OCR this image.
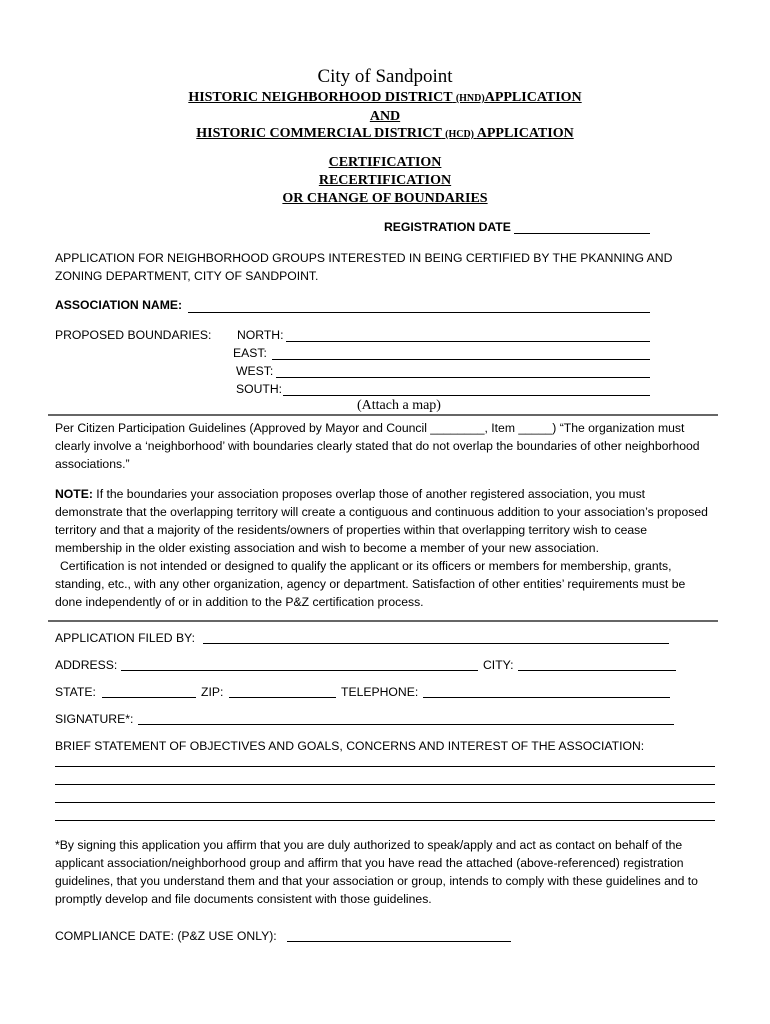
City of Sandpoint
HISTORIC NEIGHBORHOOD DISTRICT (HND)APPLICATION
AND
HISTORIC COMMERCIAL DISTRICT (HCD) APPLICATION
CERTIFICATION
RECERTIFICATION
OR CHANGE OF BOUNDARIES
REGISTRATION DATE
APPLICATION FOR NEIGHBORHOOD GROUPS INTERESTED IN BEING CERTIFIED BY THE PKANNING AND ZONING DEPARTMENT, CITY OF SANDPOINT.
ASSOCIATION NAME:
PROPOSED BOUNDARIES: NORTH:
EAST:
WEST:
SOUTH:
(Attach a map)
Per Citizen Participation Guidelines (Approved by Mayor and Council ________, Item _____) “The organization must clearly involve a ‘neighborhood’ with boundaries clearly stated that do not overlap the boundaries of other neighborhood associations.”
NOTE: If the boundaries your association proposes overlap those of another registered association, you must demonstrate that the overlapping territory will create a contiguous and continuous addition to your association’s proposed territory and that a majority of the residents/owners of properties within that overlapping territory wish to cease membership in the older existing association and wish to become a member of your new association.
Certification is not intended or designed to qualify the applicant or its officers or members for membership, grants, standing, etc., with any other organization, agency or department. Satisfaction of other entities’ requirements must be done independently of or in addition to the P&Z certification process.
APPLICATION FILED BY:
ADDRESS:	CITY:
STATE:	ZIP:	TELEPHONE:
SIGNATURE*:
BRIEF STATEMENT OF OBJECTIVES AND GOALS, CONCERNS AND INTEREST OF THE ASSOCIATION:
*By signing this application you affirm that you are duly authorized to speak/apply and act as contact on behalf of the applicant association/neighborhood group and affirm that you have read the attached (above-referenced) registration guidelines, that you understand them and that your association or group, intends to comply with these guidelines and to promptly develop and file documents consistent with those guidelines.
COMPLIANCE DATE: (P&Z USE ONLY):
